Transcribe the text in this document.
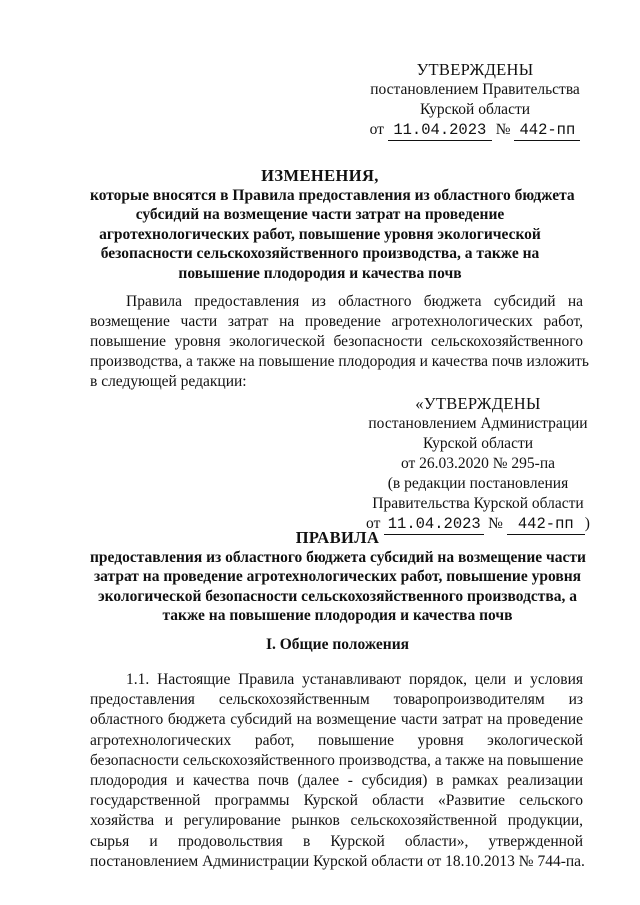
УТВЕРЖДЕНЫ
постановлением Правительства
Курской области
от 11.04.2023 № 442-пп
ИЗМЕНЕНИЯ,
которые вносятся в Правила предоставления из областного бюджета
субсидий на возмещение части затрат на проведение
агротехнологических работ, повышение уровня экологической
безопасности сельскохозяйственного производства, а также на
повышение плодородия и качества почв
Правила предоставления из областного бюджета субсидий на
возмещение части затрат на проведение агротехнологических работ,
повышение уровня экологической безопасности сельскохозяйственного
производства, а также на повышение плодородия и качества почв изложить
в следующей редакции:
«УТВЕРЖДЕНЫ
постановлением Администрации
Курской области
от 26.03.2020 № 295-па
(в редакции постановления
Правительства Курской области
от 11.04.2023 № 442-пп )
ПРАВИЛА
предоставления из областного бюджета субсидий на возмещение части
затрат на проведение агротехнологических работ, повышение уровня
экологической безопасности сельскохозяйственного производства, а
также на повышение плодородия и качества почв
I. Общие положения
1.1. Настоящие Правила устанавливают порядок, цели и условия
предоставления сельскохозяйственным товаропроизводителям из
областного бюджета субсидий на возмещение части затрат на проведение
агротехнологических работ, повышение уровня экологической
безопасности сельскохозяйственного производства, а также на повышение
плодородия и качества почв (далее - субсидия) в рамках реализации
государственной программы Курской области «Развитие сельского
хозяйства и регулирование рынков сельскохозяйственной продукции,
сырья и продовольствия в Курской области», утвержденной
постановлением Администрации Курской области от 18.10.2013 № 744-па.
